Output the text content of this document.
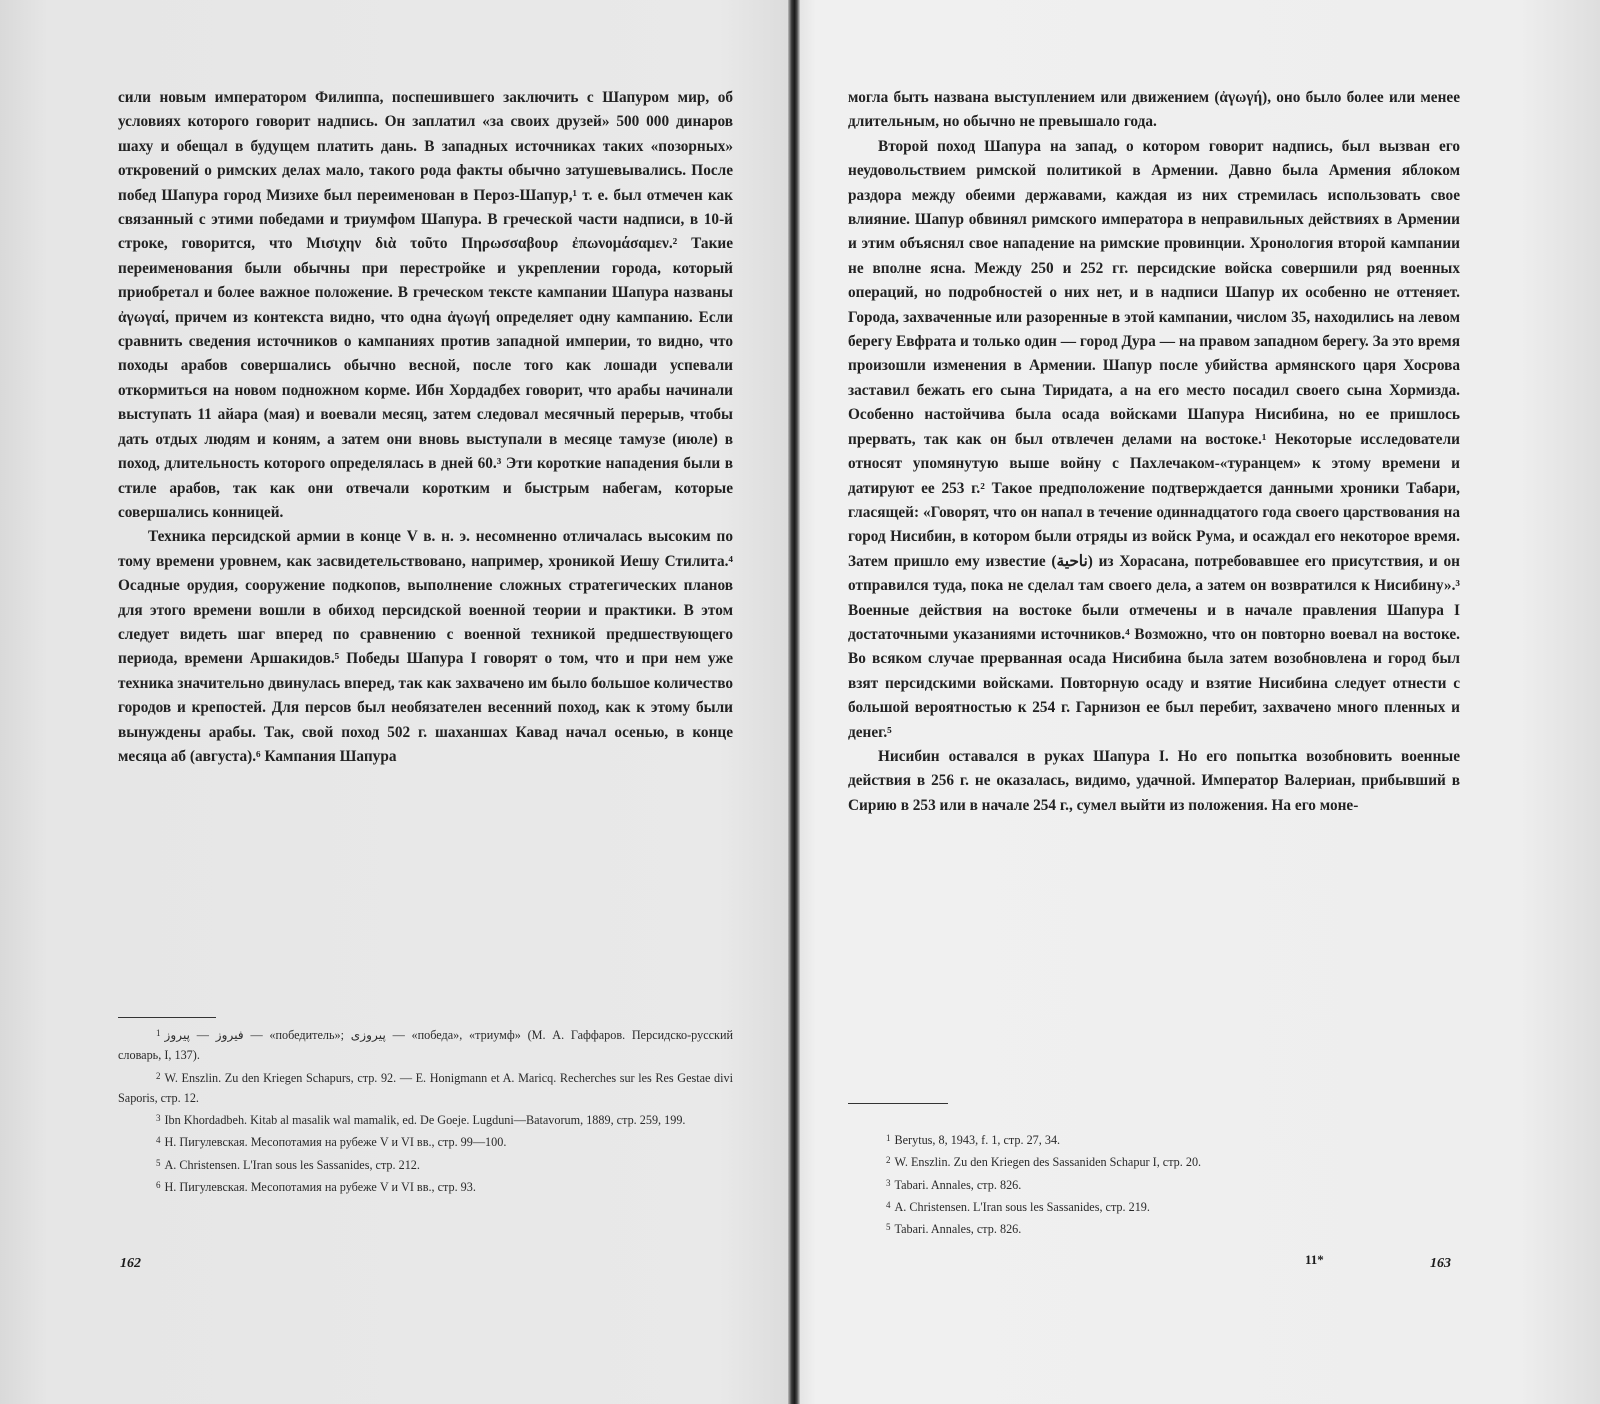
сили новым императором Филиппа, поспешившего заключить с Шапуром мир, об условиях которого говорит надпись. Он заплатил «за своих друзей» 500 000 динаров шаху и обещал в будущем платить дань. В западных источниках таких «позорных» откровений о римских делах мало, такого рода факты обычно затушевывались. После побед Шапура город Мизихе был переименован в Пероз-Шапур,¹ т. е. был отмечен как связанный с этими победами и триумфом Шапура. В греческой части надписи, в 10-й строке, говорится, что Μισιχην διὰ τοῦτο Πηρωσσαβουρ ἐπωνομάσαμεν.² Такие переименования были обычны при перестройке и укреплении города, который приобретал и более важное положение. В греческом тексте кампании Шапура названы ἀγωγαί, причем из контекста видно, что одна ἀγωγή определяет одну кампанию. Если сравнить сведения источников о кампаниях против западной империи, то видно, что походы арабов совершались обычно весной, после того как лошади успевали откормиться на новом подножном корме. Ибн Хордадбех говорит, что арабы начинали выступать 11 айара (мая) и воевали месяц, затем следовал месячный перерыв, чтобы дать отдых людям и коням, а затем они вновь выступали в месяце тамузе (июле) в поход, длительность которого определялась в дней 60.³ Эти короткие нападения были в стиле арабов, так как они отвечали коротким и быстрым набегам, которые совершались конницей.

Техника персидской армии в конце V в. н. э. несомненно отличалась высоким по тому времени уровнем, как засвидетельствовано, например, хроникой Иешу Стилита.⁴ Осадные орудия, сооружение подкопов, выполнение сложных стратегических планов для этого времени вошли в обиход персидской военной теории и практики. В этом следует видеть шаг вперед по сравнению с военной техникой предшествующего периода, времени Аршакидов.⁵ Победы Шапура I говорят о том, что и при нем уже техника значительно двинулась вперед, так как захвачено им было большое количество городов и крепостей. Для персов был необязателен весенний поход, как к этому были вынуждены арабы. Так, свой поход 502 г. шаханшах Кавад начал осенью, в конце месяца аб (августа).⁶ Кампания Шапура

$^1$ فیروز — پیروز — «победитель»; پیروزی — «победа», «триумф» (М. А. Гаффаров. Персидско-русский словарь, I, 137).

$^2$ W. Enszlin. Zu den Kriegen Schapurs, стр. 92. — E. Honigmann et A. Maricq. Recherches sur les Res Gestae divi Saporis, стр. 12.

$^3$ Ibn Khordadbeh. Kitab al masalik wal mamalik, ed. De Goeje. Lugduni—Batavorum, 1889, стр. 259, 199.

$^4$ Н. Пигулевская. Месопотамия на рубеже V и VI вв., стр. 99—100.

$^5$ A. Christensen. L'Iran sous les Sassanides, стр. 212.

$^6$ Н. Пигулевская. Месопотамия на рубеже V и VI вв., стр. 93.

162

могла быть названа выступлением или движением (ἀγωγή), оно было более или менее длительным, но обычно не превышало года.

Второй поход Шапура на запад, о котором говорит надпись, был вызван его неудовольствием римской политикой в Армении. Давно была Армения яблоком раздора между обеими державами, каждая из них стремилась использовать свое влияние. Шапур обвинял римского императора в неправильных действиях в Армении и этим объяснял свое нападение на римские провинции. Хронология второй кампании не вполне ясна. Между 250 и 252 гг. персидские войска совершили ряд военных операций, но подробностей о них нет, и в надписи Шапур их особенно не оттеняет. Города, захваченные или разоренные в этой кампании, числом 35, находились на левом берегу Евфрата и только один — город Дура — на правом западном берегу. За это время произошли изменения в Армении. Шапур после убийства армянского царя Хосрова заставил бежать его сына Тиридата, а на его место посадил своего сына Хормизда. Особенно настойчива была осада войсками Шапура Нисибина, но ее пришлось прервать, так как он был отвлечен делами на востоке.¹ Некоторые исследователи относят упомянутую выше войну с Пахлечаком-«туранцем» к этому времени и датируют ее 253 г.² Такое предположение подтверждается данными хроники Табари, гласящей: «Говорят, что он напал в течение одиннадцатого года своего царствования на город Нисибин, в котором были отряды из войск Рума, и осаждал его некоторое время. Затем пришло ему известие (ناحية) из Хорасана, потребовавшее его присутствия, и он отправился туда, пока не сделал там своего дела, а затем он возвратился к Нисибину».³ Военные действия на востоке были отмечены и в начале правления Шапура I достаточными указаниями источников.⁴ Возможно, что он повторно воевал на востоке. Во всяком случае прерванная осада Нисибина была затем возобновлена и город был взят персидскими войсками. Повторную осаду и взятие Нисибина следует отнести с большой вероятностью к 254 г. Гарнизон ее был перебит, захвачено много пленных и денег.⁵

Нисибин оставался в руках Шапура I. Но его попытка возобновить военные действия в 256 г. не оказалась, видимо, удачной. Император Валериан, прибывший в Сирию в 253 или в начале 254 г., сумел выйти из положения. На его моне-

$^1$ Berytus, 8, 1943, f. 1, стр. 27, 34.

$^2$ W. Enszlin. Zu den Kriegen des Sassaniden Schapur I, стр. 20.

$^3$ Tabari. Annales, стр. 826.

$^4$ A. Christensen. L'Iran sous les Sassanides, стр. 219.

$^5$ Tabari. Annales, стр. 826.

11*	163
